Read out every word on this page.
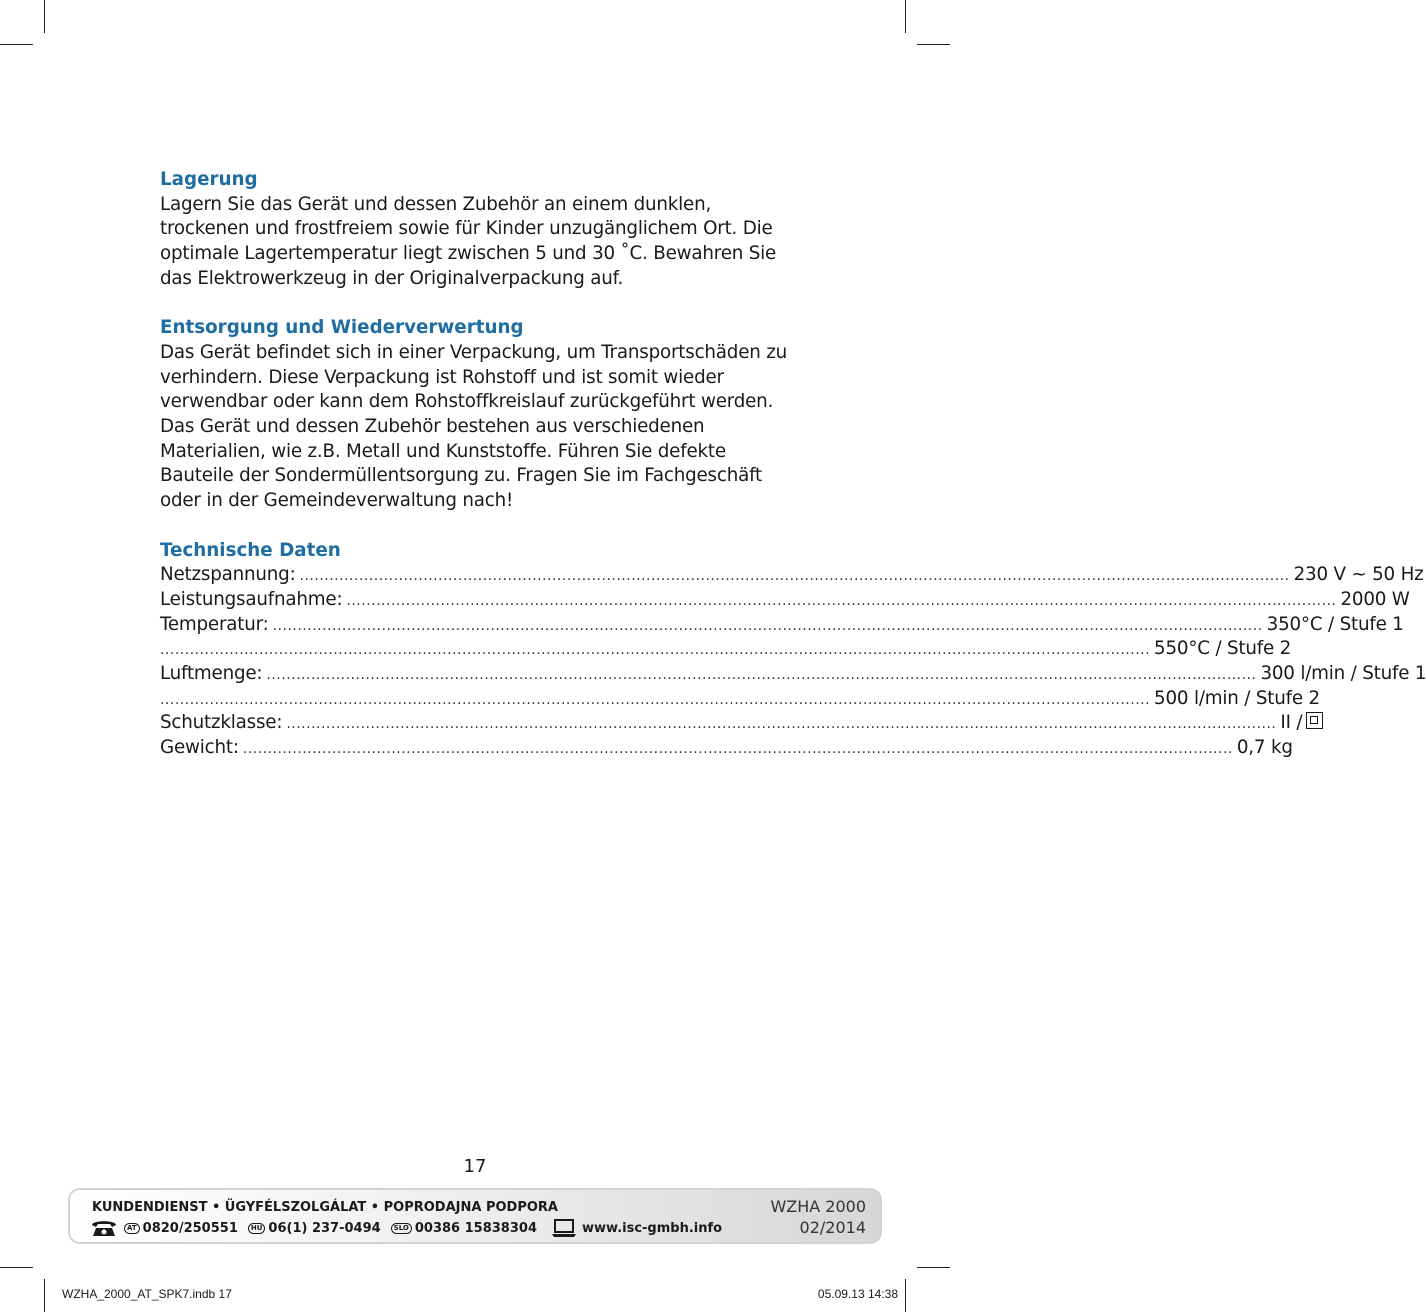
Lagerung

Lagern Sie das Gerät und dessen Zubehör an einem dunklen, trockenen und frostfreiem sowie für Kinder unzugänglichem Ort. Die optimale Lagertemperatur liegt zwischen 5 und 30 ˚C. Bewahren Sie das Elektrowerkzeug in der Originalverpackung auf.

Entsorgung und Wiederverwertung

Das Gerät befindet sich in einer Verpackung, um Transportschäden zu verhindern. Diese Verpackung ist Rohstoff und ist somit wieder verwendbar oder kann dem Rohstoffkreislauf zurückgeführt werden. Das Gerät und dessen Zubehör bestehen aus verschiedenen Materialien, wie z.B. Metall und Kunststoffe. Führen Sie defekte Bauteile der Sondermüllentsorgung zu. Fragen Sie im Fachgeschäft oder in der Gemeindeverwaltung nach!

Technische Daten
Netzspannung: ........................................................................................................................................................................................................ 230 V ~ 50 Hz
Leistungsaufnahme: ........................................................................................................................................................................................................ 2000 W
Temperatur: ........................................................................................................................................................................................................ 350°C / Stufe 1
........................................................................................................................................................................................................ 550°C / Stufe 2
Luftmenge: ........................................................................................................................................................................................................ 300 l/min / Stufe 1
........................................................................................................................................................................................................ 500 l/min / Stufe 2
Schutzklasse: ........................................................................................................................................................................................................ II /
Gewicht: ........................................................................................................................................................................................................ 0,7 kg
17
KUNDENDIENST • ÜGYFÉLSZOLGÁLAT • POPRODAJNA PODPORA
AT 0820/250551	HU 06(1) 237-0494	SLO 00386 15838304	www.isc-gmbh.info
WZHA 2000
02/2014
WZHA_2000_AT_SPK7.indb 17	05.09.13 14:38
